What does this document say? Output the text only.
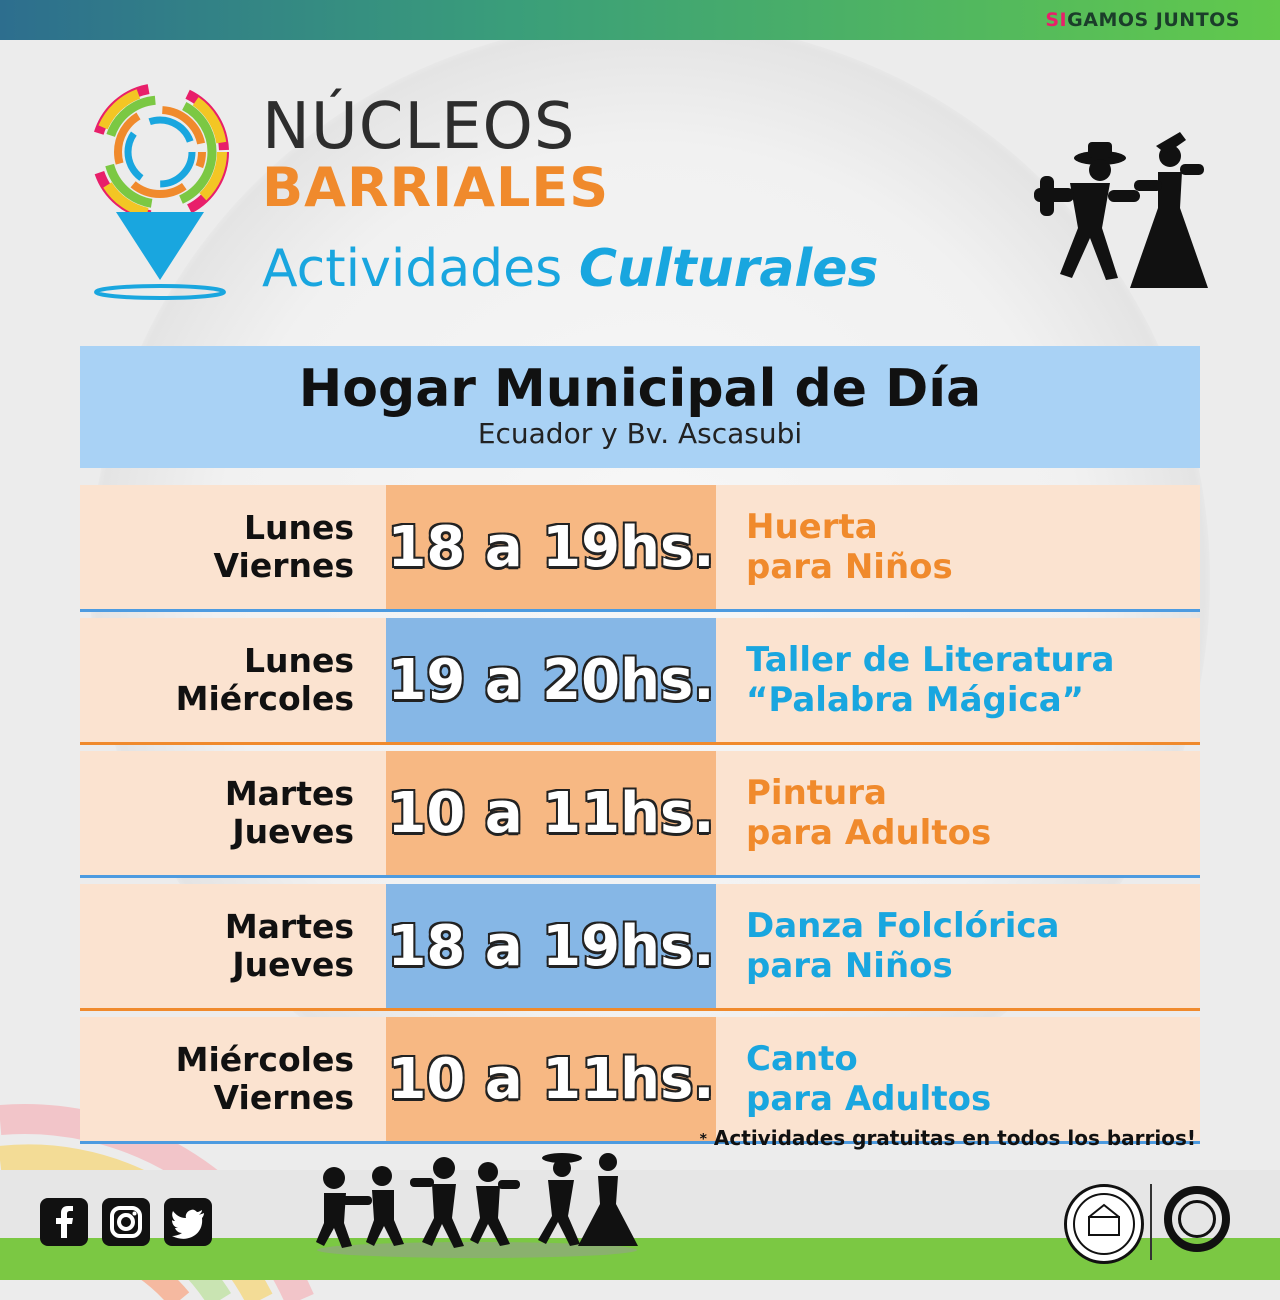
SIGAMOS JUNTOS
NÚCLEOS
BARRIALES
Actividades Culturales
Hogar Municipal de Día
Ecuador y Bv. Ascasubi
Lunes
Viernes 18 a 19hs. Huerta
para Niños
Lunes
Miércoles 19 a 20hs. Taller de Literatura
“Palabra Mágica”
Martes
Jueves 10 a 11hs. Pintura
para Adultos
Martes
Jueves 18 a 19hs. Danza Folclórica
para Niños
Miércoles
Viernes 10 a 11hs. Canto
para Adultos
* Actividades gratuitas en todos los barrios!
